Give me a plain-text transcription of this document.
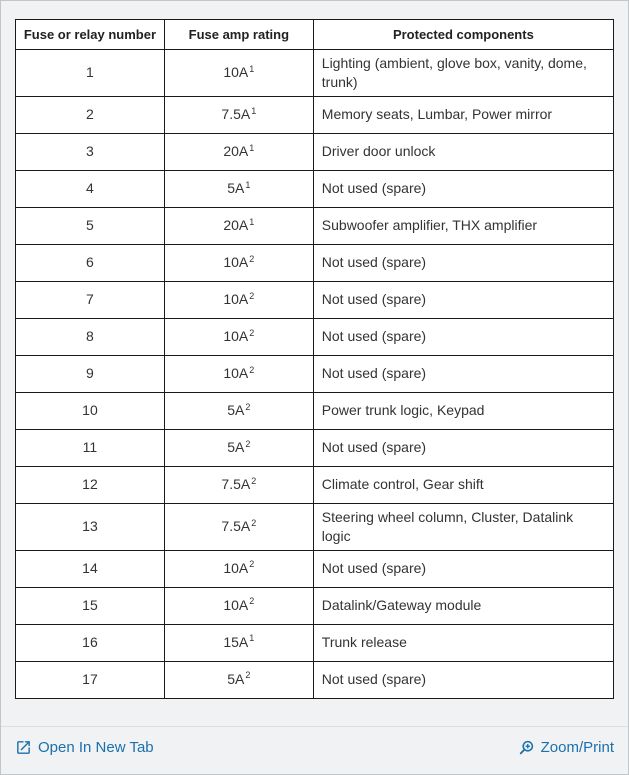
Fuse or relay number	Fuse amp rating	Protected components
1	$10A^1$	Lighting (ambient, glove box, vanity, dome, trunk)
2	$7.5A^1$	Memory seats, Lumbar, Power mirror
3	$20A^1$	Driver door unlock
4	$5A^1$	Not used (spare)
5	$20A^1$	Subwoofer amplifier, THX amplifier
6	$10A^2$	Not used (spare)
7	$10A^2$	Not used (spare)
8	$10A^2$	Not used (spare)
9	$10A^2$	Not used (spare)
10	$5A^2$	Power trunk logic, Keypad
11	$5A^2$	Not used (spare)
12	$7.5A^2$	Climate control, Gear shift
13	$7.5A^2$	Steering wheel column, Cluster, Datalink logic
14	$10A^2$	Not used (spare)
15	$10A^2$	Datalink/Gateway module
16	$15A^1$	Trunk release
17	$5A^2$	Not used (spare)
Open In New Tab	Zoom/Print
